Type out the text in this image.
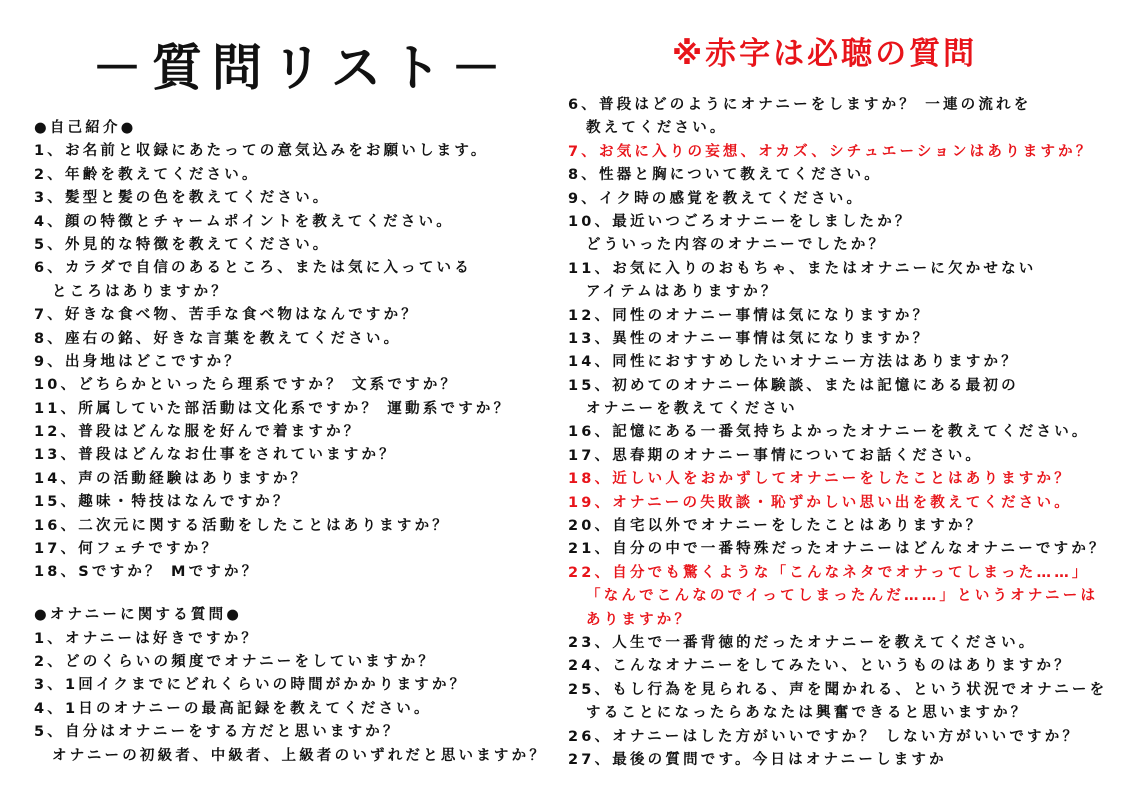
－質問リスト－	※赤字は必聴の質問
●自己紹介●
1、お名前と収録にあたっての意気込みをお願いします。
2、年齢を教えてください。
3、髪型と髪の色を教えてください。
4、顔の特徴とチャームポイントを教えてください。
5、外見的な特徴を教えてください。
6、カラダで自信のあるところ、または気に入っている
ところはありますか？
7、好きな食べ物、苦手な食べ物はなんですか？
8、座右の銘、好きな言葉を教えてください。
9、出身地はどこですか？
10、どちらかといったら理系ですか？ 文系ですか？
11、所属していた部活動は文化系ですか？ 運動系ですか？
12、普段はどんな服を好んで着ますか？
13、普段はどんなお仕事をされていますか？
14、声の活動経験はありますか？
15、趣味・特技はなんですか？
16、二次元に関する活動をしたことはありますか？
17、何フェチですか？
18、Sですか？ Mですか？
●オナニーに関する質問●
1、オナニーは好きですか？
2、どのくらいの頻度でオナニーをしていますか？
3、1回イクまでにどれくらいの時間がかかりますか？
4、1日のオナニーの最高記録を教えてください。
5、自分はオナニーをする方だと思いますか？
オナニーの初級者、中級者、上級者のいずれだと思いますか？
6、普段はどのようにオナニーをしますか？ 一連の流れを
教えてください。
7、お気に入りの妄想、オカズ、シチュエーションはありますか？
8、性器と胸について教えてください。
9、イク時の感覚を教えてください。
10、最近いつごろオナニーをしましたか？
どういった内容のオナニーでしたか？
11、お気に入りのおもちゃ、またはオナニーに欠かせない
アイテムはありますか？
12、同性のオナニー事情は気になりますか？
13、異性のオナニー事情は気になりますか？
14、同性におすすめしたいオナニー方法はありますか？
15、初めてのオナニー体験談、または記憶にある最初の
オナニーを教えてください
16、記憶にある一番気持ちよかったオナニーを教えてください。
17、思春期のオナニー事情についてお話ください。
18、近しい人をおかずしてオナニーをしたことはありますか？
19、オナニーの失敗談・恥ずかしい思い出を教えてください。
20、自宅以外でオナニーをしたことはありますか？
21、自分の中で一番特殊だったオナニーはどんなオナニーですか？
22、自分でも驚くような「こんなネタでオナってしまった……」
「なんでこんなのでイってしまったんだ……」というオナニーは
ありますか？
23、人生で一番背徳的だったオナニーを教えてください。
24、こんなオナニーをしてみたい、というものはありますか？
25、もし行為を見られる、声を聞かれる、という状況でオナニーを
することになったらあなたは興奮できると思いますか？
26、オナニーはした方がいいですか？ しない方がいいですか？
27、最後の質問です。今日はオナニーしますか
